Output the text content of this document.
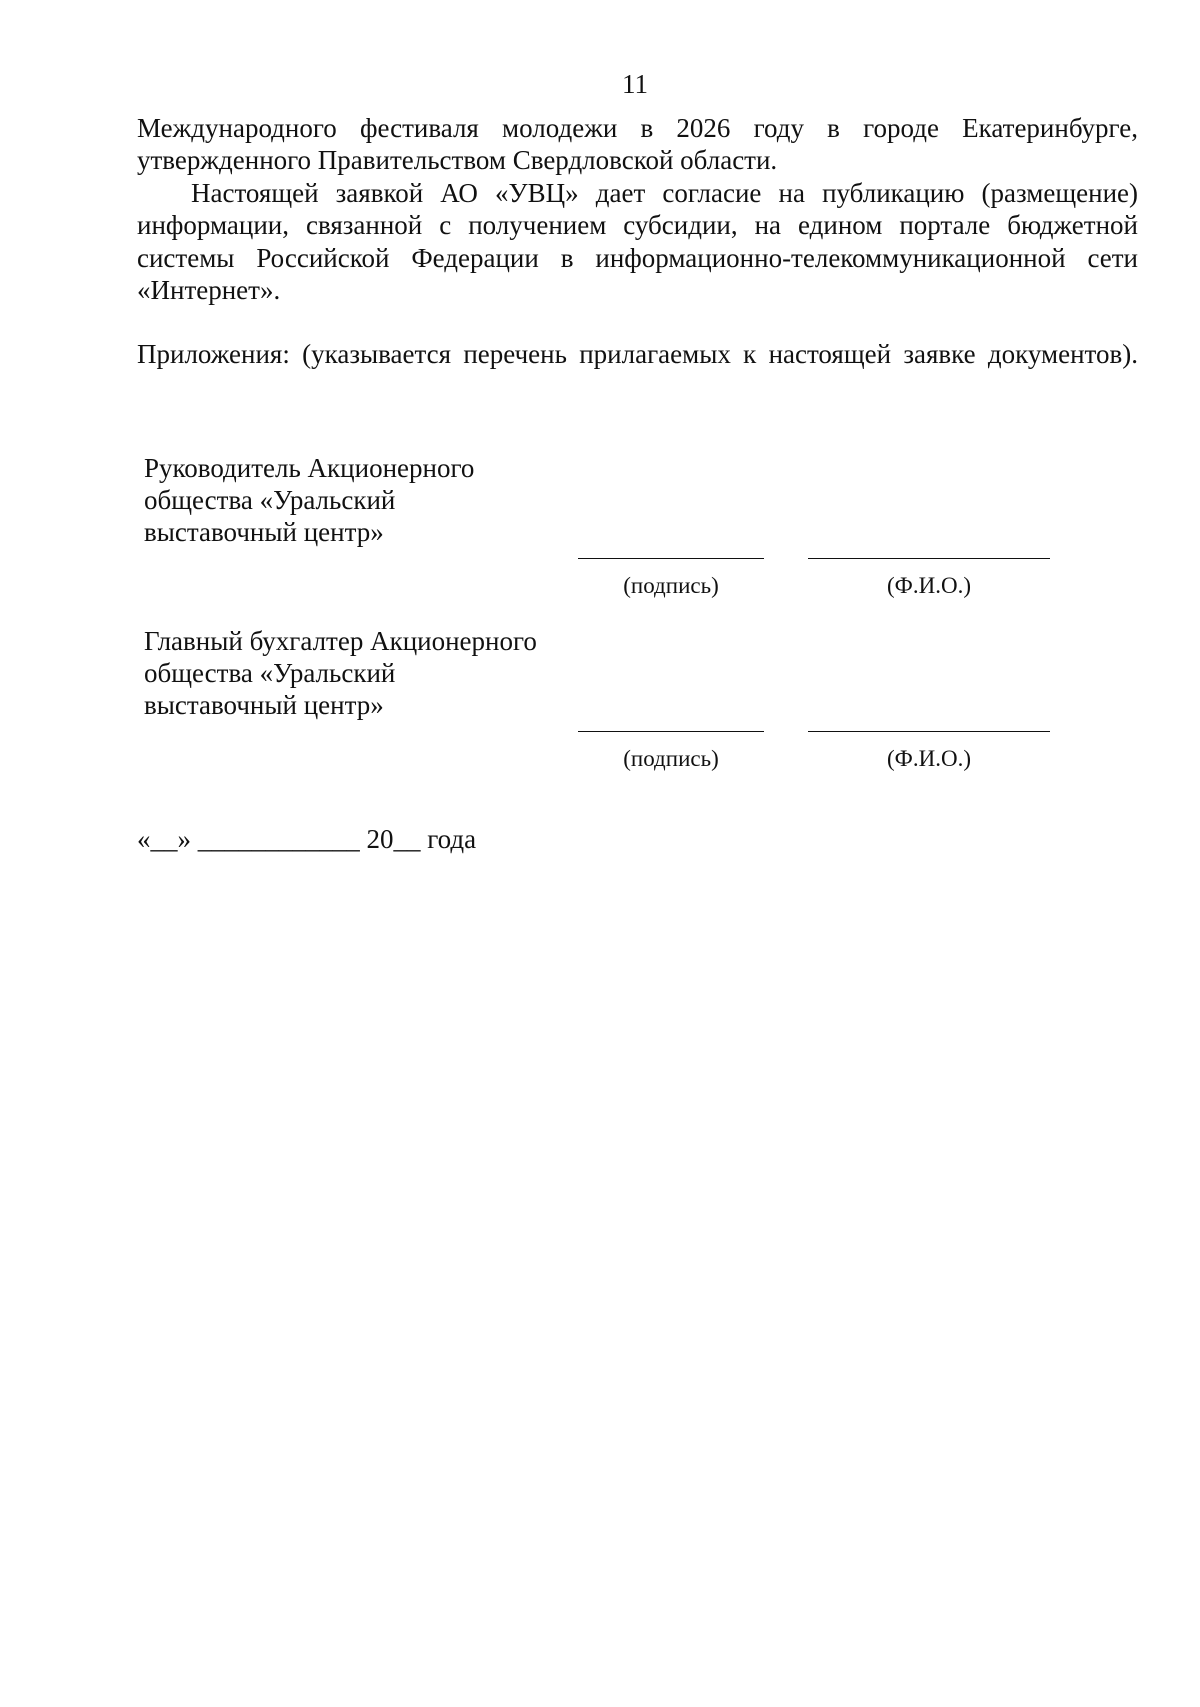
11

Международного фестиваля молодежи в 2026 году в городе Екатеринбурге, утвержденного Правительством Свердловской области.

Настоящей заявкой АО «УВЦ» дает согласие на публикацию (размещение) информации, связанной с получением субсидии, на едином портале бюджетной системы Российской Федерации в информационно-телекоммуникационной сети «Интернет».

Приложения: (указывается перечень прилагаемых к настоящей заявке документов).

Руководитель Акционерного
общества «Уральский
выставочный центр»
(подпись)	(Ф.И.О.)
Главный бухгалтер Акционерного
общества «Уральский
выставочный центр»
(подпись)	(Ф.И.О.)
«__» ____________ 20__ года
